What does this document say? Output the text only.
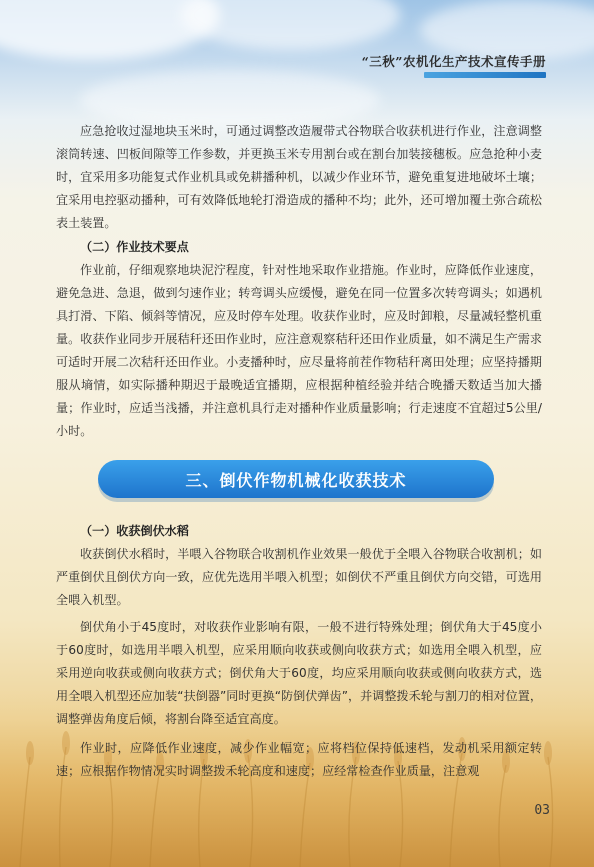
“三秋”农机化生产技术宣传手册

应急抢收过湿地块玉米时，可通过调整改造履带式谷物联合收获机进行作业，注意调整滚筒转速、凹板间隙等工作参数，并更换玉米专用割台或在割台加装接穗板。应急抢种小麦时，宜采用多功能复式作业机具或免耕播种机，以减少作业环节，避免重复进地破坏土壤；宜采用电控驱动播种，可有效降低地轮打滑造成的播种不均；此外，还可增加覆土弥合疏松表土装置。

（二）作业技术要点

作业前，仔细观察地块泥泞程度，针对性地采取作业措施。作业时，应降低作业速度，避免急进、急退，做到匀速作业；转弯调头应缓慢，避免在同一位置多次转弯调头；如遇机具打滑、下陷、倾斜等情况，应及时停车处理。收获作业时，应及时卸粮，尽量减轻整机重量。收获作业同步开展秸秆还田作业时，应注意观察秸秆还田作业质量，如不满足生产需求可适时开展二次秸秆还田作业。小麦播种时，应尽量将前茬作物秸秆离田处理；应坚持播期服从墒情，如实际播种期迟于最晚适宜播期，应根据种植经验并结合晚播天数适当加大播量；作业时，应适当浅播，并注意机具行走对播种作业质量影响；行走速度不宜超过5公里/小时。

三、倒伏作物机械化收获技术

（一）收获倒伏水稻

收获倒伏水稻时，半喂入谷物联合收割机作业效果一般优于全喂入谷物联合收割机；如严重倒伏且倒伏方向一致，应优先选用半喂入机型；如倒伏不严重且倒伏方向交错，可选用全喂入机型。

倒伏角小于45度时，对收获作业影响有限，一般不进行特殊处理；倒伏角大于45度小于60度时，如选用半喂入机型，应采用顺向收获或侧向收获方式；如选用全喂入机型，应采用逆向收获或侧向收获方式；倒伏角大于60度，均应采用顺向收获或侧向收获方式，选用全喂入机型还应加装“扶倒器”同时更换“防倒伏弹齿”，并调整拨禾轮与割刀的相对位置，调整弹齿角度后倾，将割台降至适宜高度。

作业时，应降低作业速度，减少作业幅宽；应将档位保持低速档，发动机采用额定转速；应根据作物情况实时调整拨禾轮高度和速度；应经常检查作业质量，注意观

03
